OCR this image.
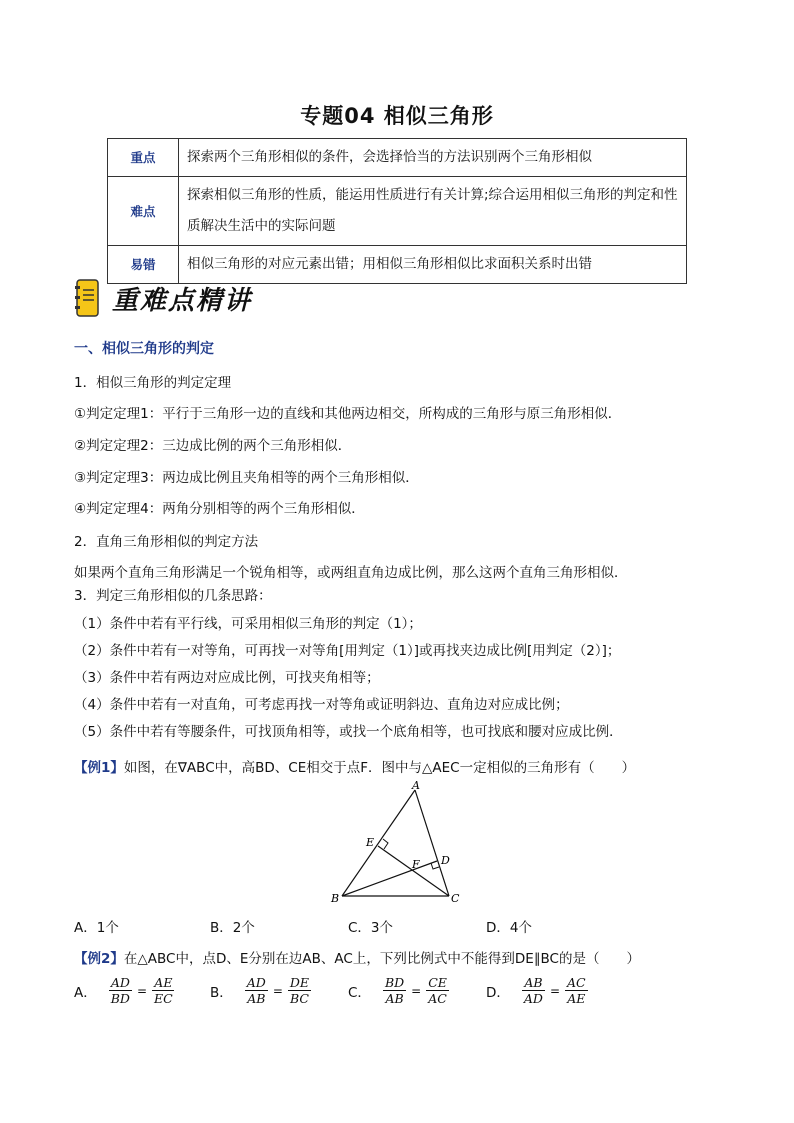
专题04 相似三角形
重点	探索两个三角形相似的条件，会选择恰当的方法识别两个三角形相似
难点	探索相似三角形的性质，能运用性质进行有关计算;综合运用相似三角形的判定和性质解决生活中的实际问题
易错	相似三角形的对应元素出错；用相似三角形相似比求面积关系时出错
重难点精讲
一、相似三角形的判定
1．相似三角形的判定定理
①判定定理1：平行于三角形一边的直线和其他两边相交，所构成的三角形与原三角形相似．
②判定定理2：三边成比例的两个三角形相似．
③判定定理3：两边成比例且夹角相等的两个三角形相似．
④判定定理4：两角分别相等的两个三角形相似．
2．直角三角形相似的判定方法
如果两个直角三角形满足一个锐角相等，或两组直角边成比例，那么这两个直角三角形相似．
3．判定三角形相似的几条思路：
（1）条件中若有平行线，可采用相似三角形的判定（1）；
（2）条件中若有一对等角，可再找一对等角[用判定（1）]或再找夹边成比例[用判定（2）]；
（3）条件中若有两边对应成比例，可找夹角相等；
（4）条件中若有一对直角，可考虑再找一对等角或证明斜边、直角边对应成比例；
（5）条件中若有等腰条件，可找顶角相等，或找一个底角相等，也可找底和腰对应成比例．
【例1】如图，在∇ABC中，高BD、CE相交于点F．图中与△AEC一定相似的三角形有（　　）
A
E
F D
B	C
A．1个	B．2个	C．3个	D．4个
【例2】在△ABC中，点D、E分别在边AB、AC上，下列比例式中不能得到DE∥BC的是（　　）
A． $\frac{AD}{BD} = \frac{AE}{EC}$	B． $\frac{AD}{AB} = \frac{DE}{BC}$	C． $\frac{BD}{AB} = \frac{CE}{AC}$	D． $\frac{AB}{AD} = \frac{AC}{AE}$
